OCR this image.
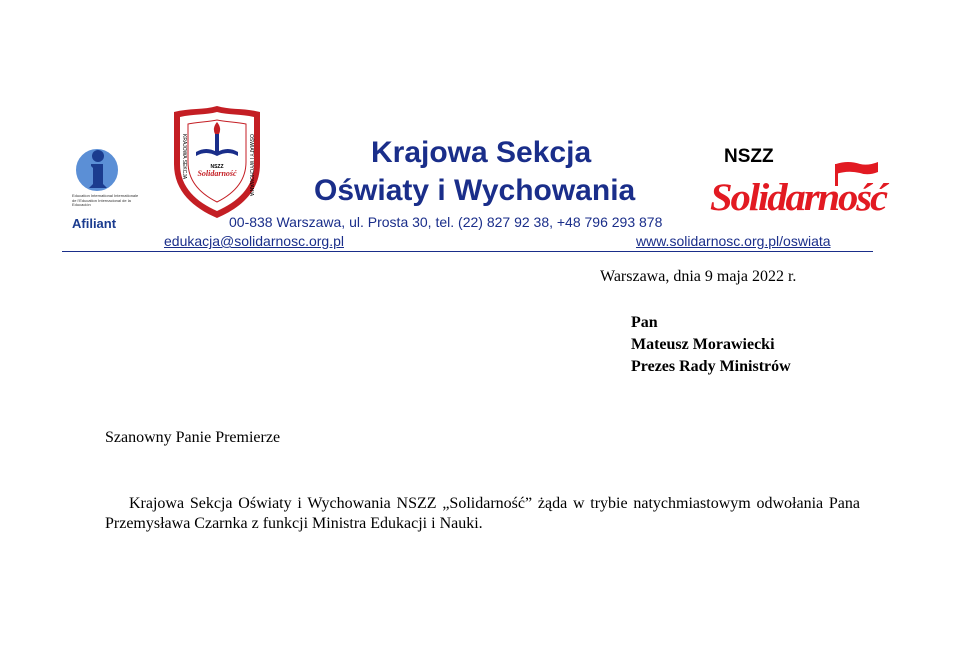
Education International Internationale de l'Education Internacional de la Educación
Afiliant
NSZZ
Solidarność
KRAJOWA SEKCJA	OŚWIATY I WYCHOWANIA	Krajowa Sekcja
Oświaty i Wychowania
00-838 Warszawa, ul. Prosta 30, tel. (22) 827 92 38, +48 796 293 878
edukacja@solidarnosc.org.pl	www.solidarnosc.org.pl/oswiata
NSZZ
Solidarność
Warszawa, dnia 9 maja 2022 r.
Pan
Mateusz Morawiecki
Prezes Rady Ministrów
Szanowny Panie Premierze
Krajowa Sekcja Oświaty i Wychowania NSZZ „Solidarność” żąda w trybie natychmiastowym odwołania Pana Przemysława Czarnka z funkcji Ministra Edukacji i Nauki.
